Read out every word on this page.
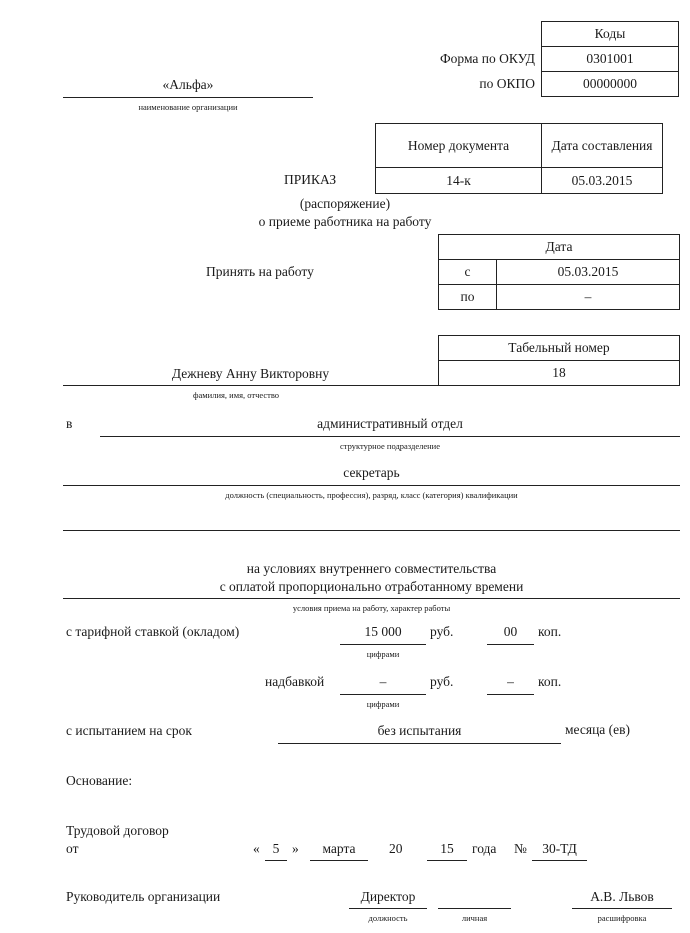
Коды
0301001
00000000
Форма по ОКУД
по ОКПО
«Альфа»
наименование организации
Номер документа	Дата составления
14-к	05.03.2015
ПРИКАЗ
(распоряжение)
о приеме работника на работу
Дата	
с	05.03.2015
по	–
Принять на работу
Табельный номер
18
Дежневу Анну Викторовну
фамилия, имя, отчество
в	административный отдел
структурное подразделение
секретарь
должность (специальность, профессия), разряд, класс (категория) квалификации
на условиях внутреннего совместительства
с оплатой пропорционально отработанному времени
условия приема на работу, характер работы
с тарифной ставкой (окладом)	15 000
цифрами
руб.	00	коп.
надбавкой	–
цифрами
руб.	–	коп.
с испытанием на срок	без испытания	месяца (ев)
Основание:
Трудовой договор
от	« 5 »	марта	20	15	года №	30-ТД
Руководитель организации	Директор
должность	личная
А.В. Львов
расшифровка
